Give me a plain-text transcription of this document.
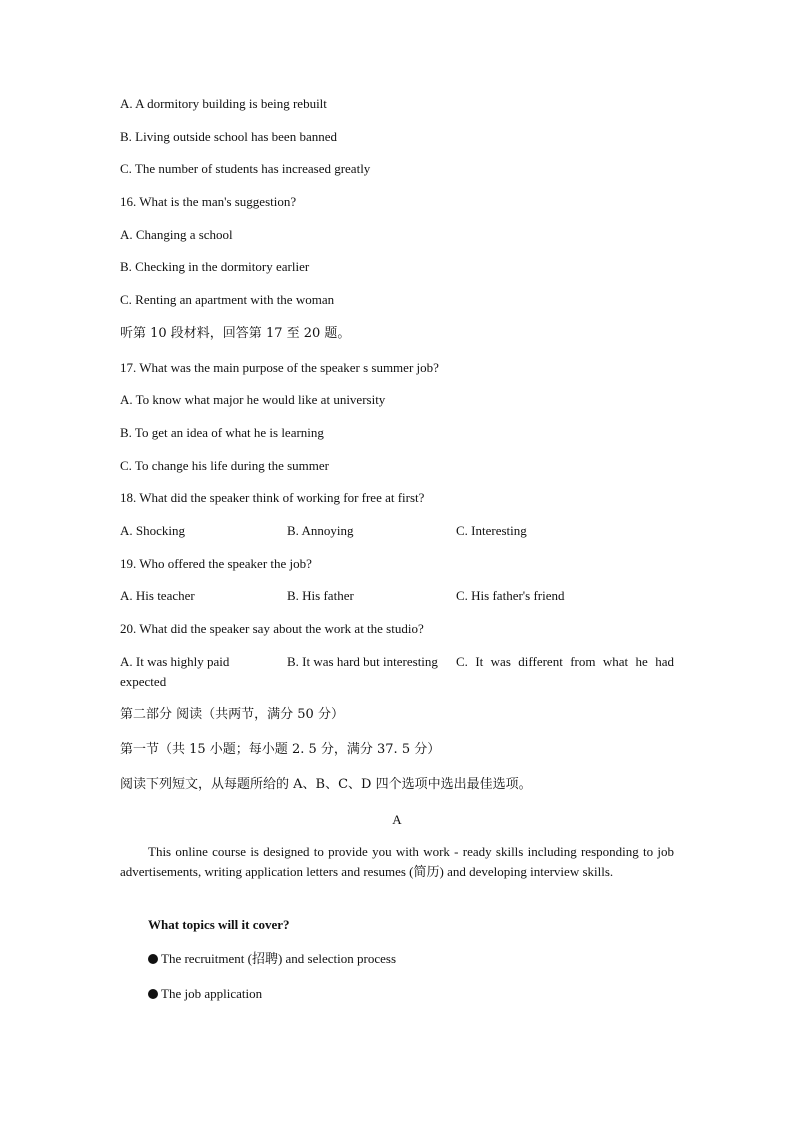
A. A dormitory building is being rebuilt
B. Living outside school has been banned
C. The number of students has increased greatly
16. What is the man's suggestion?
A. Changing a school
B. Checking in the dormitory earlier
C. Renting an apartment with the woman
听第 10 段材料，回答第 17 至 20 题。
17. What was the main purpose of the speaker s summer job?
A. To know what major he would like at university
B. To get an idea of what he is learning
C. To change his life during the summer
18. What did the speaker think of working for free at first?
A. Shocking	B. Annoying	C. Interesting
19. Who offered the speaker the job?
A. His teacher	B. His father	C. His father's friend
20. What did the speaker say about the work at the studio?
A. It was highly paid	B. It was hard but interesting C. It was different from what he had
expected
第二部分 阅读（共两节，满分 50 分）
第一节（共 15 小题；每小题 2. 5 分，满分 37. 5 分）
阅读下列短文，从每题所给的 A、B、C、D 四个选项中选出最佳选项。
A
This online course is designed to provide you with work - ready skills including responding to job advertisements, writing application letters and resumes (简历) and developing interview skills.
What topics will it cover?
The recruitment (招聘) and selection process
The job application
